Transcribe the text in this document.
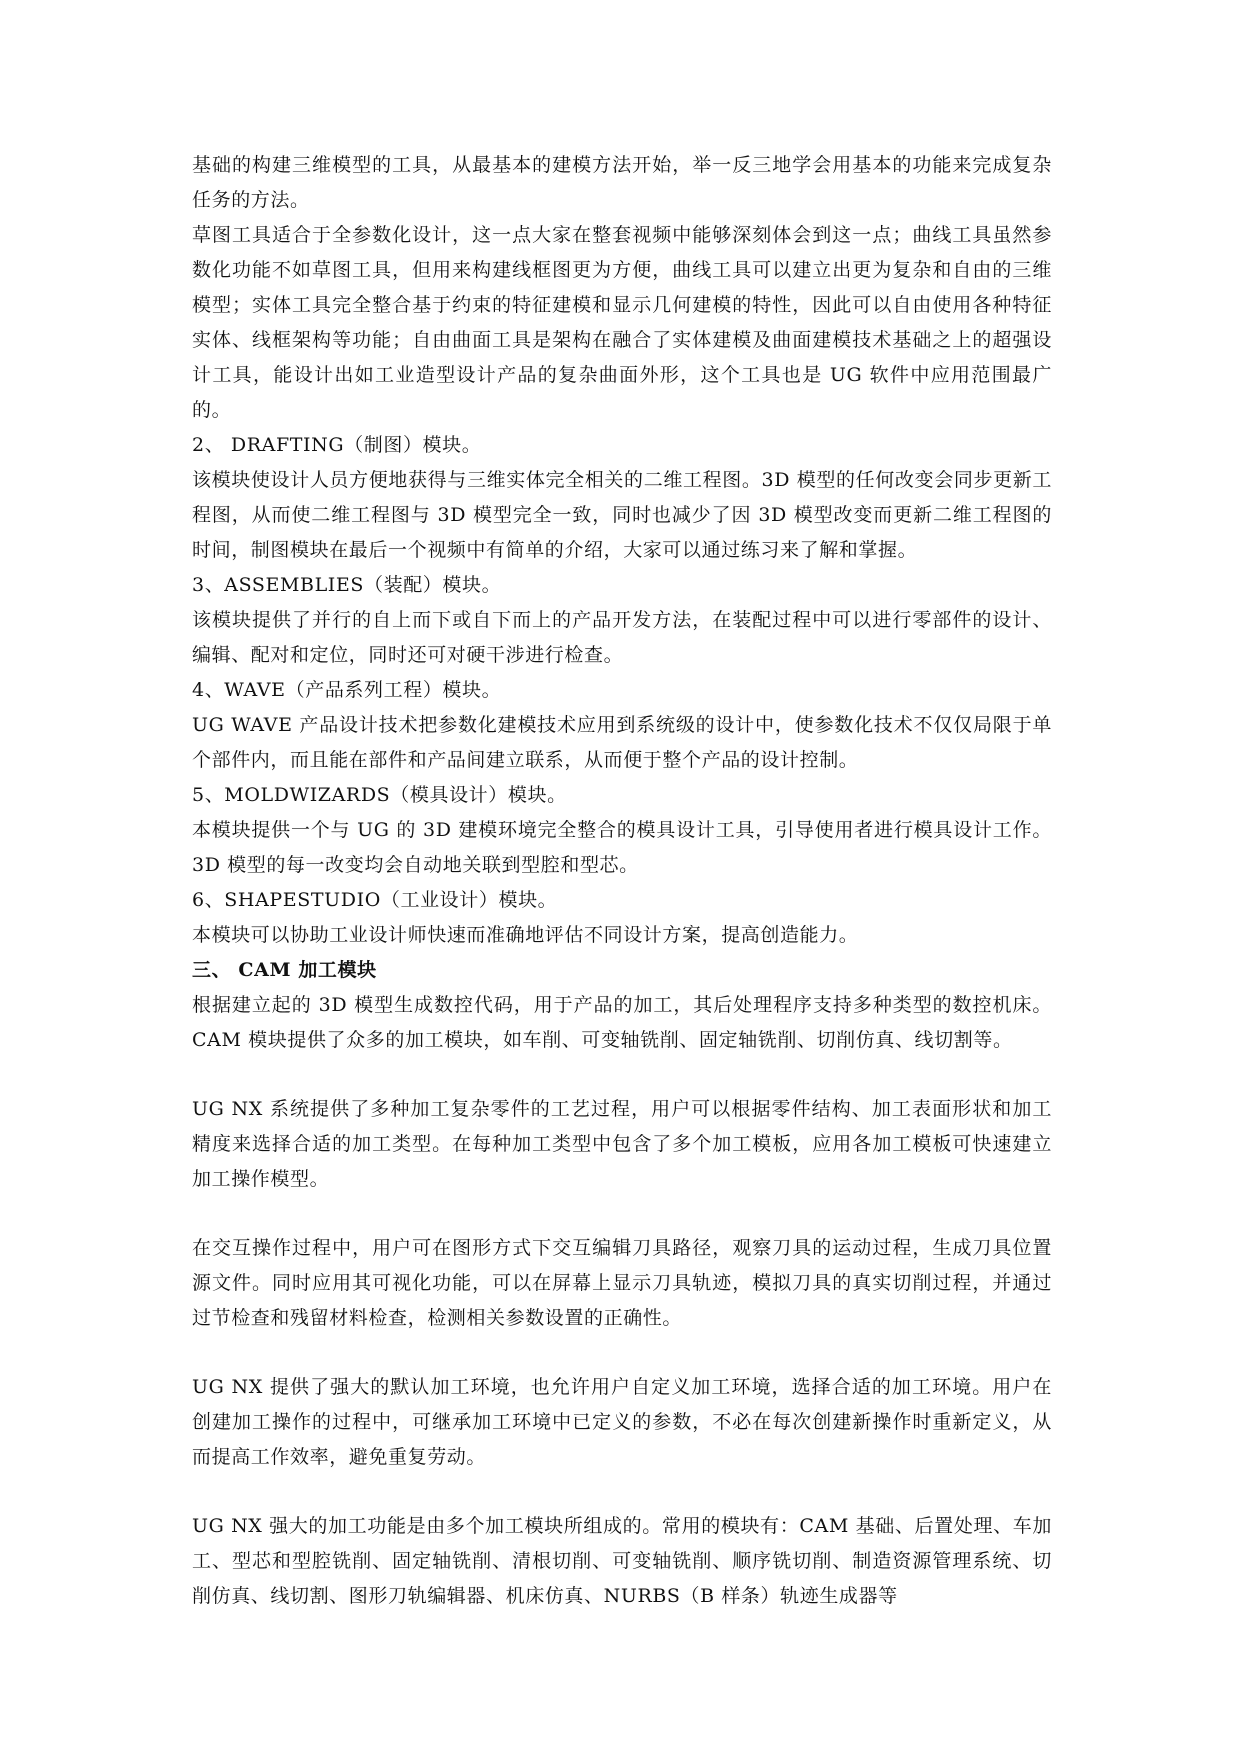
基础的构建三维模型的工具，从最基本的建模方法开始，举一反三地学会用基本的功能来完成复杂任务的方法。

草图工具适合于全参数化设计，这一点大家在整套视频中能够深刻体会到这一点；曲线工具虽然参数化功能不如草图工具，但用来构建线框图更为方便，曲线工具可以建立出更为复杂和自由的三维模型；实体工具完全整合基于约束的特征建模和显示几何建模的特性，因此可以自由使用各种特征实体、线框架构等功能；自由曲面工具是架构在融合了实体建模及曲面建模技术基础之上的超强设计工具，能设计出如工业造型设计产品的复杂曲面外形，这个工具也是 UG 软件中应用范围最广的。

2、 DRAFTING（制图）模块。

该模块使设计人员方便地获得与三维实体完全相关的二维工程图。3D 模型的任何改变会同步更新工程图，从而使二维工程图与 3D 模型完全一致，同时也减少了因 3D 模型改变而更新二维工程图的时间，制图模块在最后一个视频中有简单的介绍，大家可以通过练习来了解和掌握。

3、ASSEMBLIES（装配）模块。

该模块提供了并行的自上而下或自下而上的产品开发方法，在装配过程中可以进行零部件的设计、编辑、配对和定位，同时还可对硬干涉进行检查。

4、WAVE（产品系列工程）模块。

UG WAVE 产品设计技术把参数化建模技术应用到系统级的设计中，使参数化技术不仅仅局限于单个部件内，而且能在部件和产品间建立联系，从而便于整个产品的设计控制。

5、MOLDWIZARDS（模具设计）模块。

本模块提供一个与 UG 的 3D 建模环境完全整合的模具设计工具，引导使用者进行模具设计工作。3D 模型的每一改变均会自动地关联到型腔和型芯。

6、SHAPESTUDIO（工业设计）模块。

本模块可以协助工业设计师快速而准确地评估不同设计方案，提高创造能力。

三、 CAM 加工模块

根据建立起的 3D 模型生成数控代码，用于产品的加工，其后处理程序支持多种类型的数控机床。CAM 模块提供了众多的加工模块，如车削、可变轴铣削、固定轴铣削、切削仿真、线切割等。

UG NX 系统提供了多种加工复杂零件的工艺过程，用户可以根据零件结构、加工表面形状和加工精度来选择合适的加工类型。在每种加工类型中包含了多个加工模板，应用各加工模板可快速建立加工操作模型。

在交互操作过程中，用户可在图形方式下交互编辑刀具路径，观察刀具的运动过程，生成刀具位置源文件。同时应用其可视化功能，可以在屏幕上显示刀具轨迹，模拟刀具的真实切削过程，并通过过节检查和残留材料检查，检测相关参数设置的正确性。

UG NX 提供了强大的默认加工环境，也允许用户自定义加工环境，选择合适的加工环境。用户在创建加工操作的过程中，可继承加工环境中已定义的参数，不必在每次创建新操作时重新定义，从而提高工作效率，避免重复劳动。

UG NX 强大的加工功能是由多个加工模块所组成的。常用的模块有：CAM 基础、后置处理、车加工、型芯和型腔铣削、固定轴铣削、清根切削、可变轴铣削、顺序铣切削、制造资源管理系统、切削仿真、线切割、图形刀轨编辑器、机床仿真、NURBS（B 样条）轨迹生成器等
